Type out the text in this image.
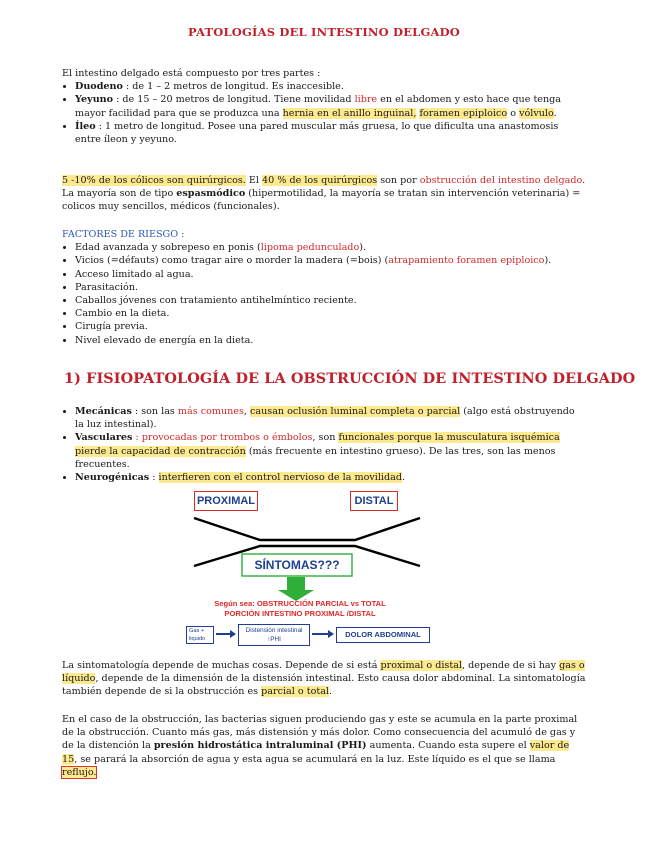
PATOLOGÍAS DEL INTESTINO DELGADO
El intestino delgado está compuesto por tres partes :
• Duodeno : de 1 – 2 metros de longitud. Es inaccesible.
• Yeyuno : de 15 – 20 metros de longitud. Tiene movilidad libre en el abdomen y esto hace que tenga mayor facilidad para que se produzca una hernia en el anillo inguinal, foramen epiploico o vólvulo.
• Íleo : 1 metro de longitud. Posee una pared muscular más gruesa, lo que dificulta una anastomosis entre íleon y yeyuno.
5 -10% de los cólicos son quirúrgicos. El 40 % de los quirúrgicos son por obstrucción del intestino delgado. La mayoría son de tipo espasmódico (hipermotilidad, la mayoría se tratan sin intervención veterinaria) = colicos muy sencillos, médicos (funcionales).
FACTORES DE RIESGO :
• Edad avanzada y sobrepeso en ponis (lipoma pedunculado).
• Vicios (=défauts) como tragar aire o morder la madera (=bois) (atrapamiento foramen epiploico).
• Acceso limitado al agua.
• Parasitación.
• Caballos jóvenes con tratamiento antihelmíntico reciente.
• Cambio en la dieta.
• Cirugía previa.
• Nivel elevado de energía en la dieta.
1) FISIOPATOLOGÍA DE LA OBSTRUCCIÓN DE INTESTINO DELGADO
• Mecánicas : son las más comunes, causan oclusión luminal completa o parcial (algo está obstruyendo la luz intestinal).
• Vasculares : provocadas por trombos o émbolos, son funcionales porque la musculatura isquémica pierde la capacidad de contracción (más frecuente en intestino grueso). De las tres, son las menos frecuentes.
• Neurogénicas : interfieren con el control nervioso de la movilidad.
PROXIMAL	DISTAL
SÍNTOMAS???
Según sea: OBSTRUCCIÓN PARCIAL vs TOTAL
PORCIÓN INTESTINO PROXIMAL /DISTAL
Gas +
liquido
Distensión intestinal
↑PHI
DOLOR ABDOMINAL
La sintomatología depende de muchas cosas. Depende de si está proximal o distal, depende de si hay gas o líquido, depende de la dimensión de la distensión intestinal. Esto causa dolor abdominal. La sintomatología también depende de si la obstrucción es parcial o total.
En el caso de la obstrucción, las bacterias siguen produciendo gas y este se acumula en la parte proximal de la obstrucción. Cuanto más gas, más distensión y más dolor. Como consecuencia del acumuló de gas y de la distención la presión hidrostática intraluminal (PHI) aumenta. Cuando esta supere el valor de 15, se parará la absorción de agua y esta agua se acumulará en la luz. Este líquido es el que se llama reflujo.
